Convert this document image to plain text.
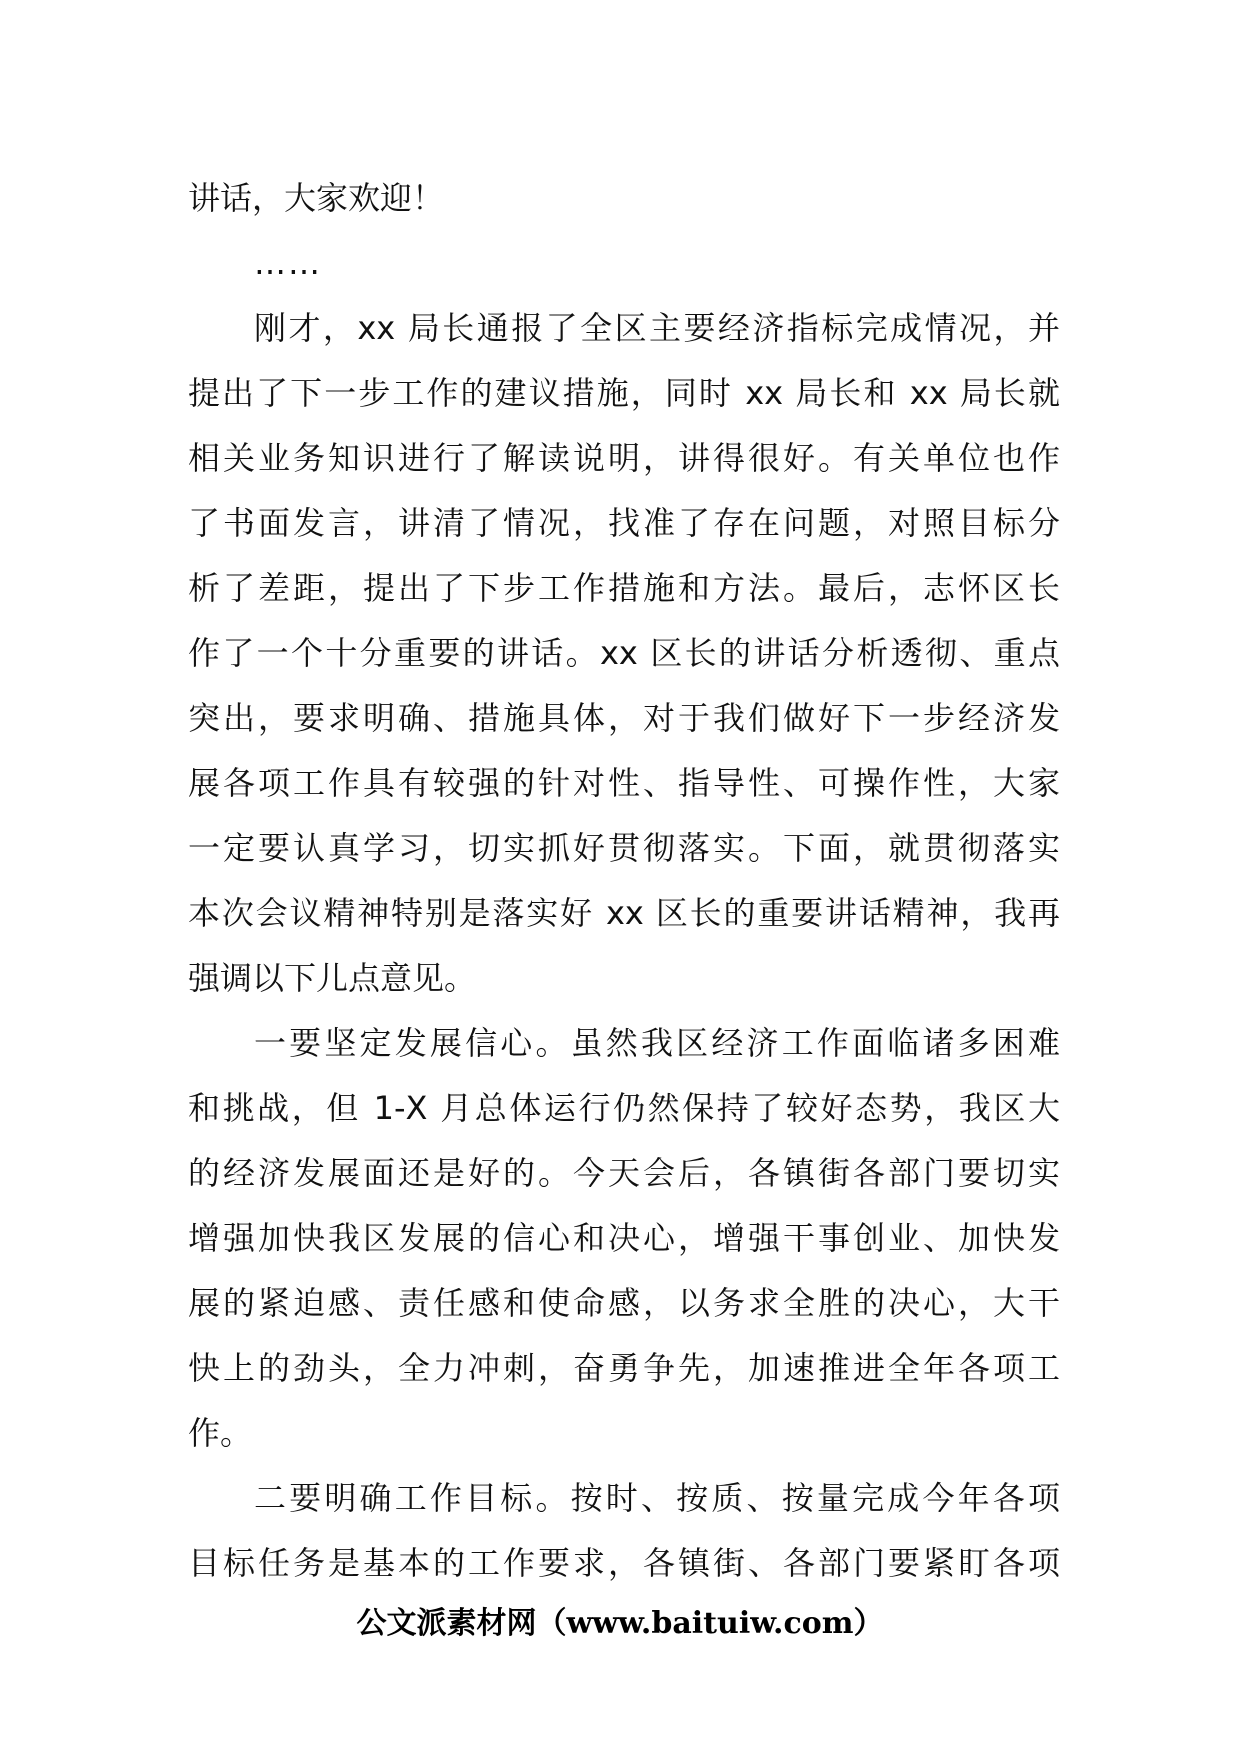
讲话，大家欢迎！
……
刚才，xx 局长通报了全区主要经济指标完成情况，并
提出了下一步工作的建议措施，同时 xx 局长和 xx 局长就
相关业务知识进行了解读说明，讲得很好。有关单位也作
了书面发言，讲清了情况，找准了存在问题，对照目标分
析了差距，提出了下步工作措施和方法。最后，志怀区长
作了一个十分重要的讲话。xx 区长的讲话分析透彻、重点
突出，要求明确、措施具体，对于我们做好下一步经济发
展各项工作具有较强的针对性、指导性、可操作性，大家
一定要认真学习，切实抓好贯彻落实。下面，就贯彻落实
本次会议精神特别是落实好 xx 区长的重要讲话精神，我再
强调以下儿点意见。
一要坚定发展信心。虽然我区经济工作面临诸多困难
和挑战，但 1-X 月总体运行仍然保持了较好态势，我区大
的经济发展面还是好的。今天会后，各镇街各部门要切实
增强加快我区发展的信心和决心，增强干事创业、加快发
展的紧迫感、责任感和使命感，以务求全胜的决心，大干
快上的劲头，全力冲刺，奋勇争先，加速推进全年各项工
作。
二要明确工作目标。按时、按质、按量完成今年各项
目标任务是基本的工作要求，各镇街、各部门要紧盯各项
公文派素材网（www.baituiw.com）
